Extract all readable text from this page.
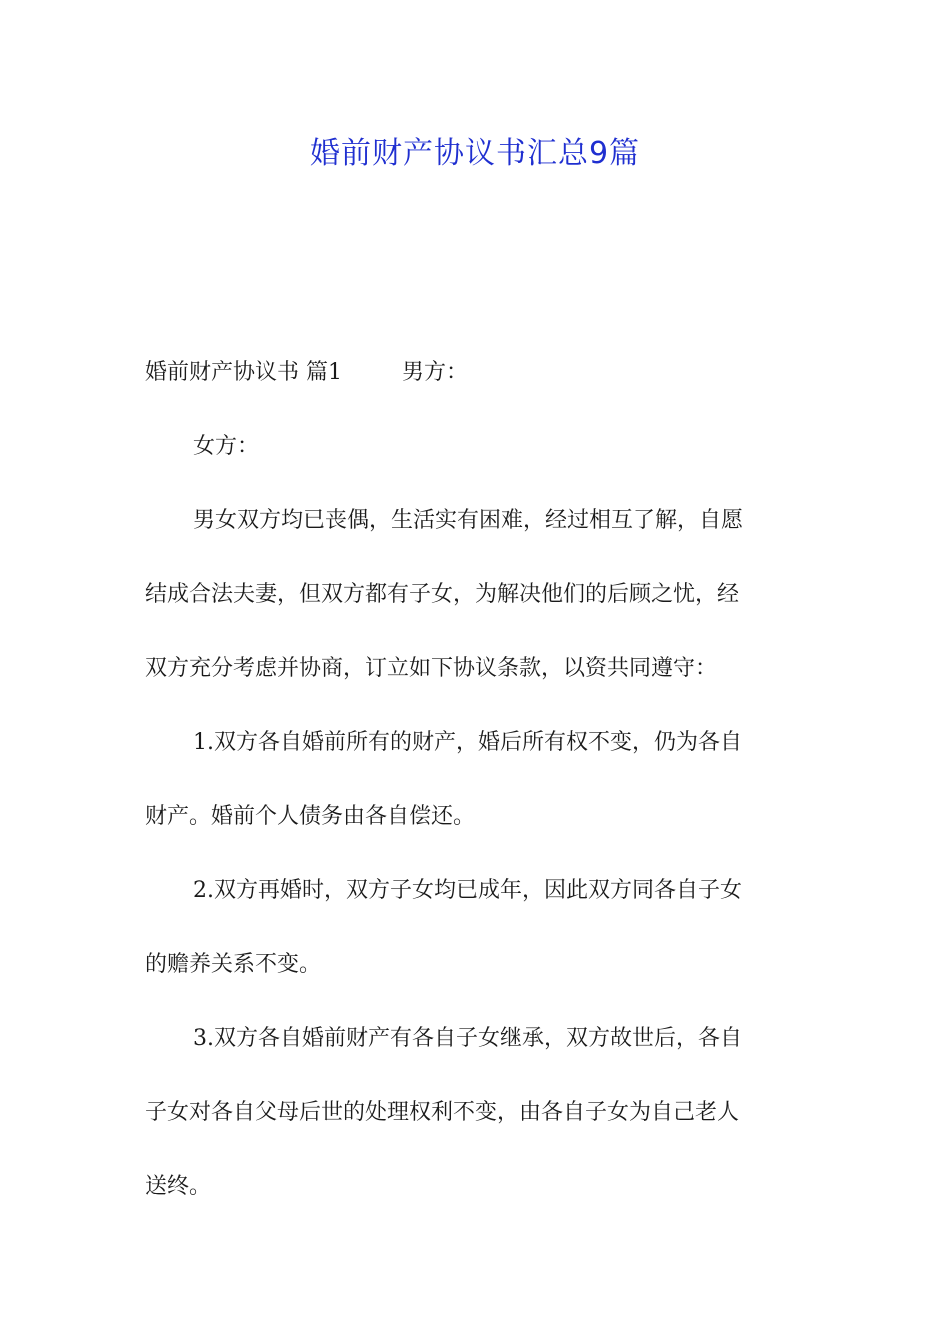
婚前财产协议书汇总9篇
婚前财产协议书 篇1	男方：
女方：
男女双方均已丧偶，生活实有困难，经过相互了解，自愿
结成合法夫妻，但双方都有子女，为解决他们的后顾之忧，经
双方充分考虑并协商，订立如下协议条款，以资共同遵守：
1.双方各自婚前所有的财产，婚后所有权不变，仍为各自
财产。婚前个人债务由各自偿还。
2.双方再婚时，双方子女均已成年，因此双方同各自子女
的赡养关系不变。
3.双方各自婚前财产有各自子女继承，双方故世后，各自
子女对各自父母后世的处理权利不变，由各自子女为自己老人
送终。
